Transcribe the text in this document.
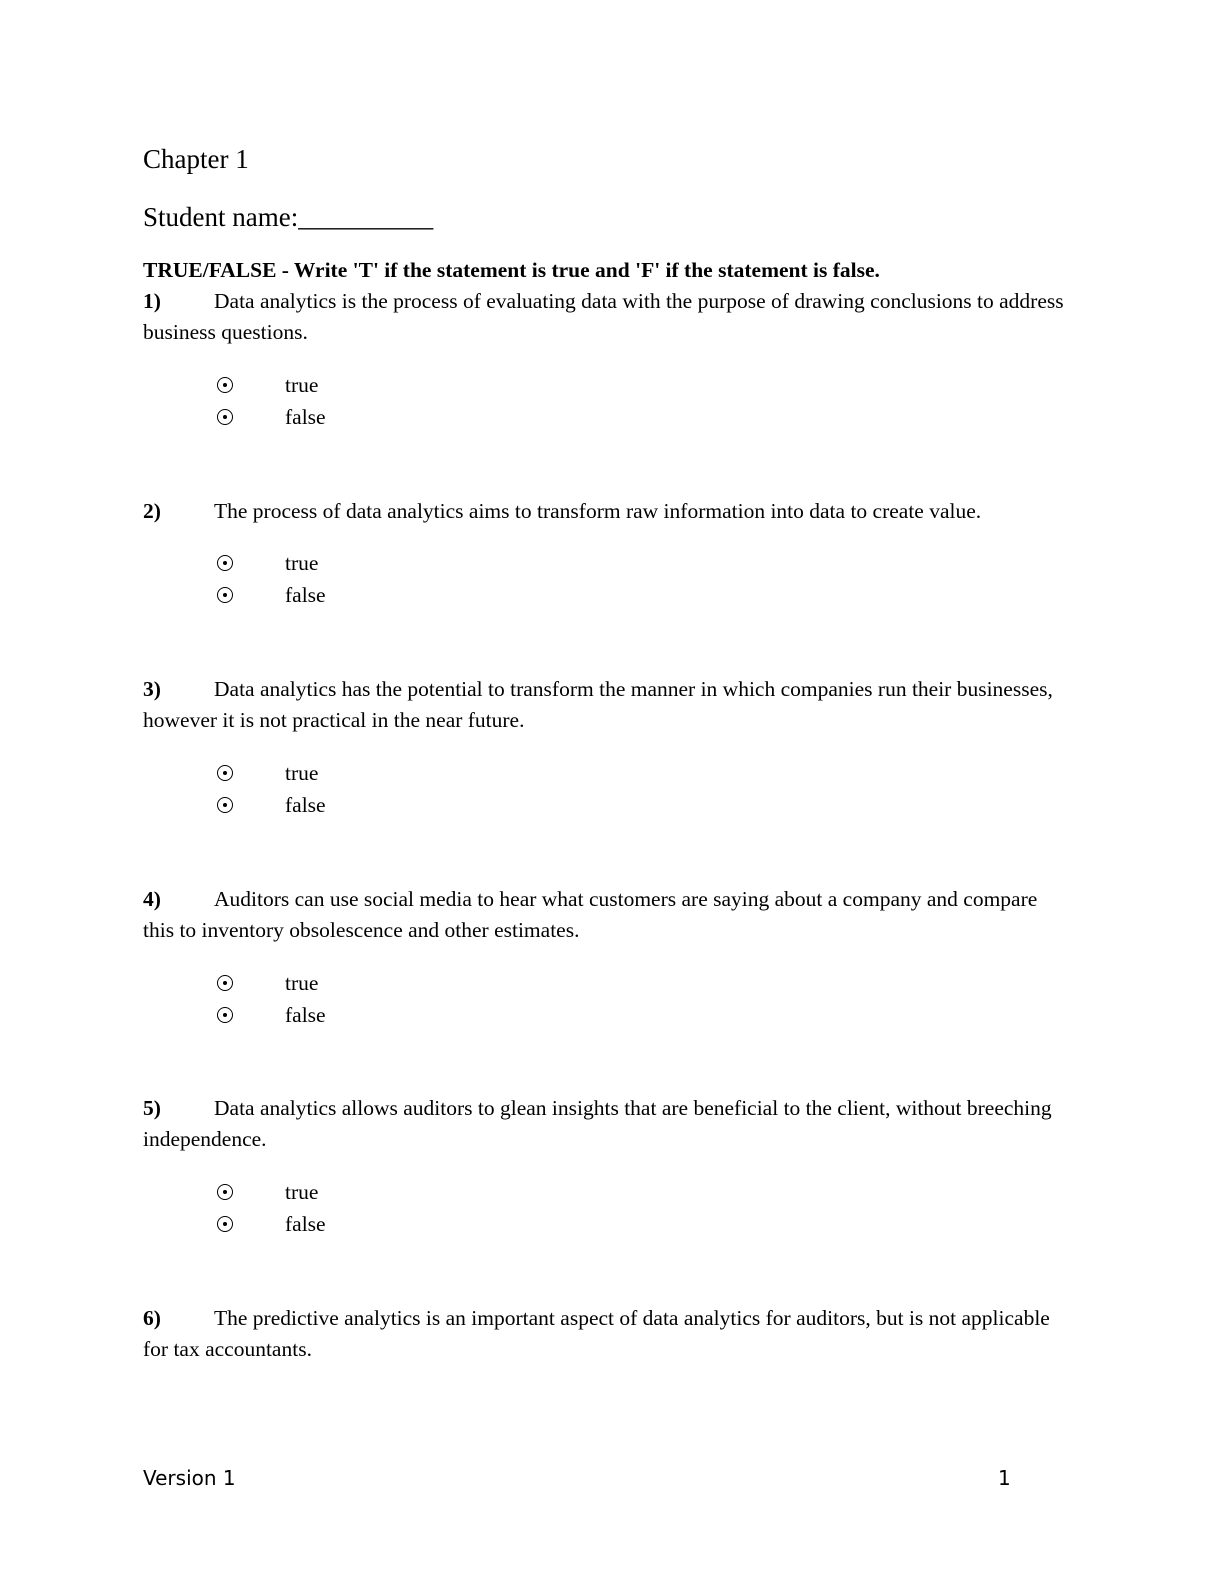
Chapter 1
Student name:__________
TRUE/FALSE - Write 'T' if the statement is true and 'F' if the statement is false.

1) Data analytics is the process of evaluating data with the purpose of drawing conclusions to address business questions.

true
false

2) The process of data analytics aims to transform raw information into data to create value.

true
false

3) Data analytics has the potential to transform the manner in which companies run their businesses, however it is not practical in the near future.

true
false

4) Auditors can use social media to hear what customers are saying about a company and compare this to inventory obsolescence and other estimates.

true
false

5) Data analytics allows auditors to glean insights that are beneficial to the client, without breeching independence.

true
false

6) The predictive analytics is an important aspect of data analytics for auditors, but is not applicable for tax accountants.

Version 1	1
